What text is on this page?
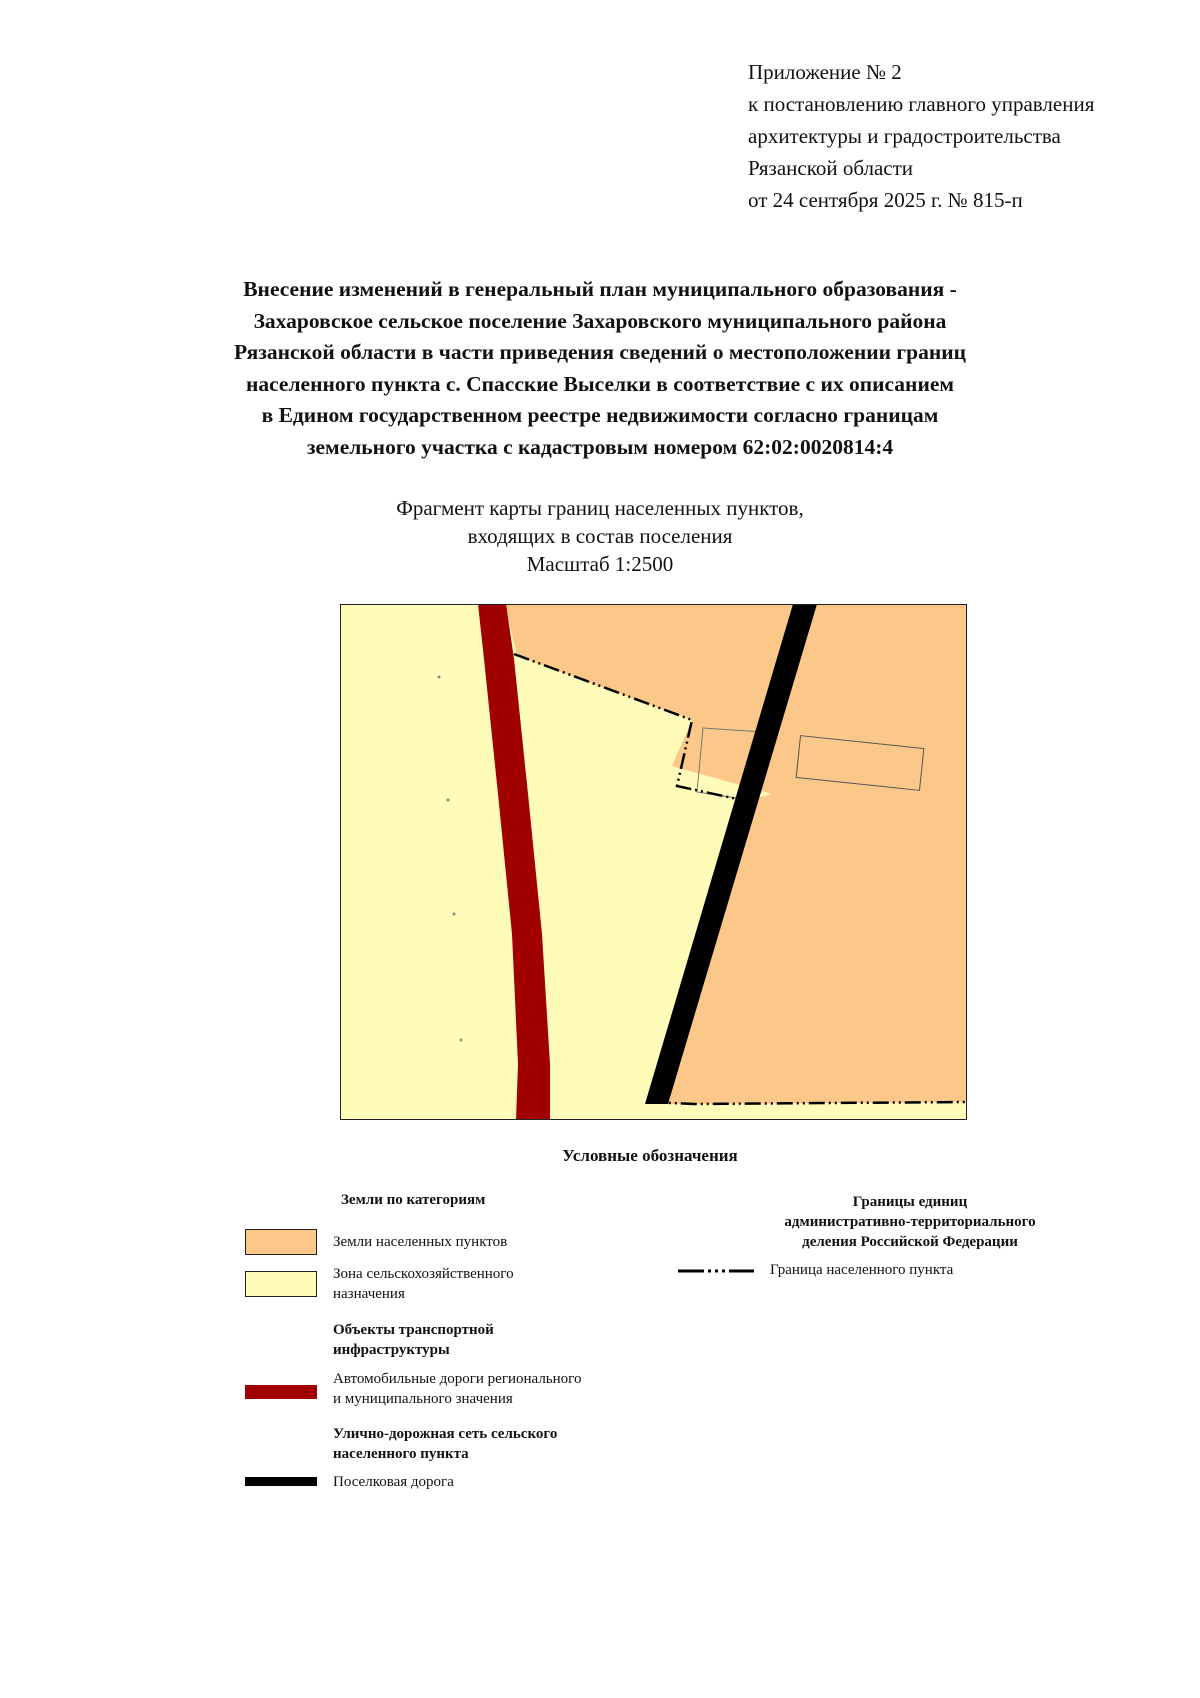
Приложение № 2
к постановлению главного управления
архитектуры и градостроительства
Рязанской области
от 24 сентября 2025 г. № 815-п
Внесение изменений в генеральный план муниципального образования -
Захаровское сельское поселение Захаровского муниципального района
Рязанской области в части приведения сведений о местоположении границ
населенного пункта с. Спасские Выселки в соответствие с их описанием
в Едином государственном реестре недвижимости согласно границам
земельного участка с кадастровым номером 62:02:0020814:4
Фрагмент карты границ населенных пунктов,
входящих в состав поселения
Масштаб 1:2500
Условные обозначения
Земли по категориям
Земли населенных пунктов
Зона сельскохозяйственного
назначения
Объекты транспортной
инфраструктуры
Автомобильные дороги регионального
и муниципального значения
Улично-дорожная сеть сельского
населенного пункта
Поселковая дорога
Границы единиц
административно-территориального
деления Российской Федерации
Граница населенного пункта
